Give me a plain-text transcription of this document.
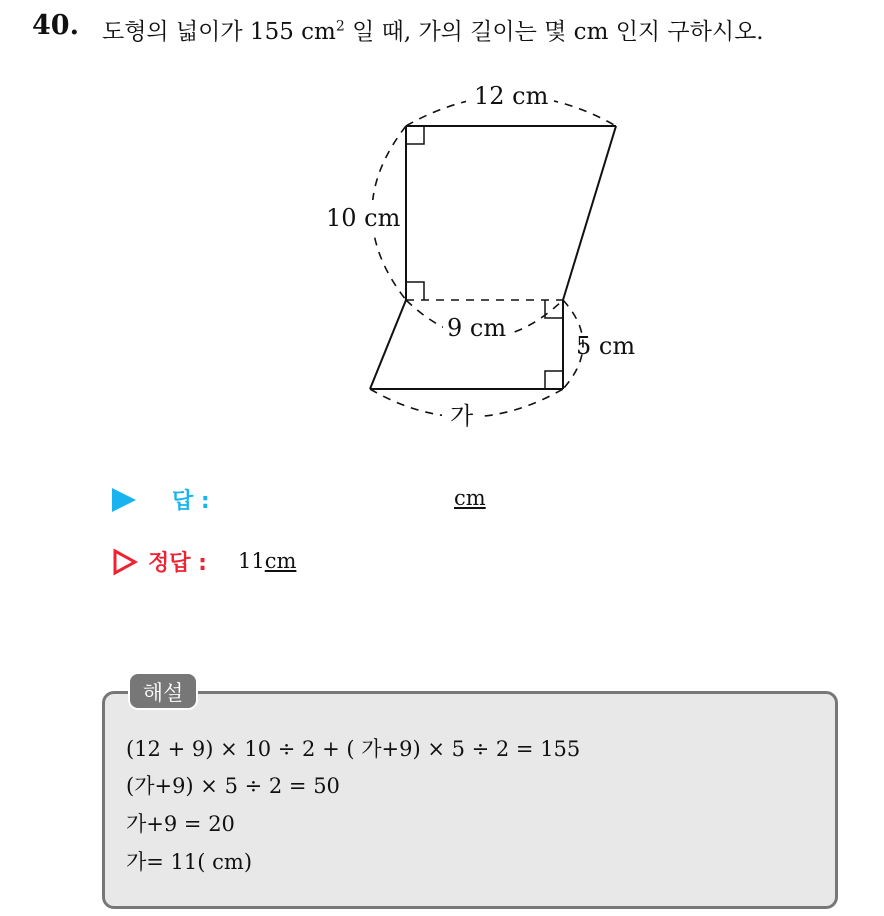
40. 도형의 넓이가 155 $cm^2$ 일 때, 가의 길이는 몇 cm 인지 구하시오.
12 cm
10 cm
9 cm
5 cm
가
답 :	cm
정답 : 11cm
해설
(12 + 9) × 10 ÷ 2 + ( 가+9) × 5 ÷ 2 = 155
(가+9) × 5 ÷ 2 = 50
가+9 = 20
가= 11( cm)
